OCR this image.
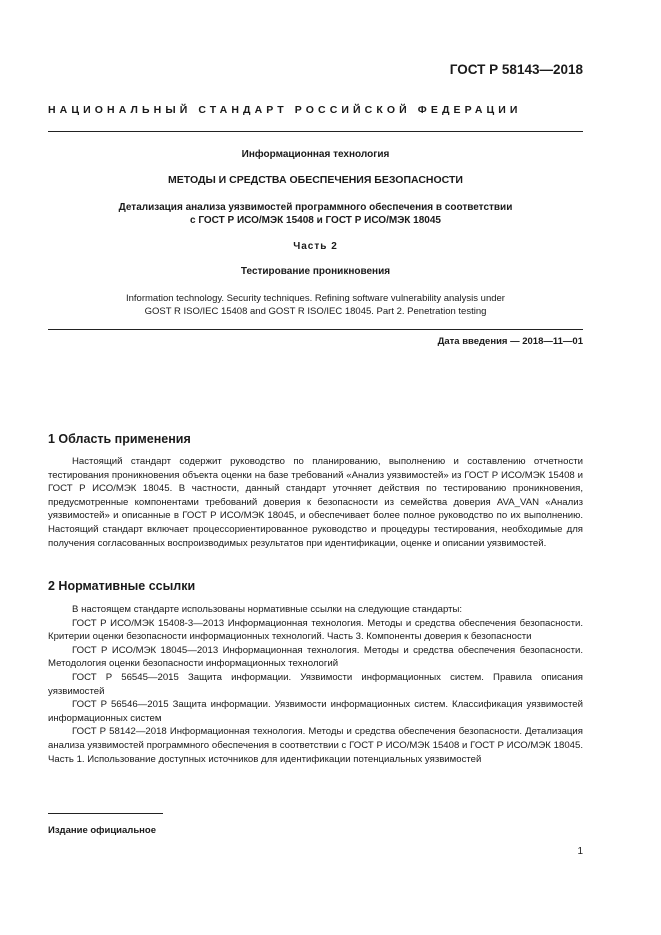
ГОСТ Р 58143—2018
НАЦИОНАЛЬНЫЙ СТАНДАРТ РОССИЙСКОЙ ФЕДЕРАЦИИ
Информационная технология
МЕТОДЫ И СРЕДСТВА ОБЕСПЕЧЕНИЯ БЕЗОПАСНОСТИ
Детализация анализа уязвимостей программного обеспечения в соответствии
с ГОСТ Р ИСО/МЭК 15408 и ГОСТ Р ИСО/МЭК 18045
Часть 2
Тестирование проникновения
Information technology. Security techniques. Refining software vulnerability analysis under
GOST R ISO/IEC 15408 and GOST R ISO/IEC 18045. Part 2. Penetration testing
Дата введения — 2018—11—01
1 Область применения

Настоящий стандарт содержит руководство по планированию, выполнению и составлению отчетности тестирования проникновения объекта оценки на базе требований «Анализ уязвимостей» из ГОСТ Р ИСО/МЭК 15408 и ГОСТ Р ИСО/МЭК 18045. В частности, данный стандарт уточняет действия по тестированию проникновения, предусмотренные компонентами требований доверия к безопасности из семейства доверия AVA_VAN «Анализ уязвимостей» и описанные в ГОСТ Р ИСО/МЭК 18045, и обеспечивает более полное руководство по их выполнению. Настоящий стандарт включает процессориентированное руководство и процедуры тестирования, необходимые для получения согласованных воспроизводимых результатов при идентификации, оценке и описании уязвимостей.

2 Нормативные ссылки

В настоящем стандарте использованы нормативные ссылки на следующие стандарты:

ГОСТ Р ИСО/МЭК 15408-3—2013 Информационная технология. Методы и средства обеспечения безопасности. Критерии оценки безопасности информационных технологий. Часть 3. Компоненты доверия к безопасности

ГОСТ Р ИСО/МЭК 18045—2013 Информационная технология. Методы и средства обеспечения безопасности. Методология оценки безопасности информационных технологий

ГОСТ Р 56545—2015 Защита информации. Уязвимости информационных систем. Правила описания уязвимостей

ГОСТ Р 56546—2015 Защита информации. Уязвимости информационных систем. Классификация уязвимостей информационных систем

ГОСТ Р 58142—2018 Информационная технология. Методы и средства обеспечения безопасности. Детализация анализа уязвимостей программного обеспечения в соответствии с ГОСТ Р ИСО/МЭК 15408 и ГОСТ Р ИСО/МЭК 18045. Часть 1. Использование доступных источников для идентификации потенциальных уязвимостей

Издание официальное
1
